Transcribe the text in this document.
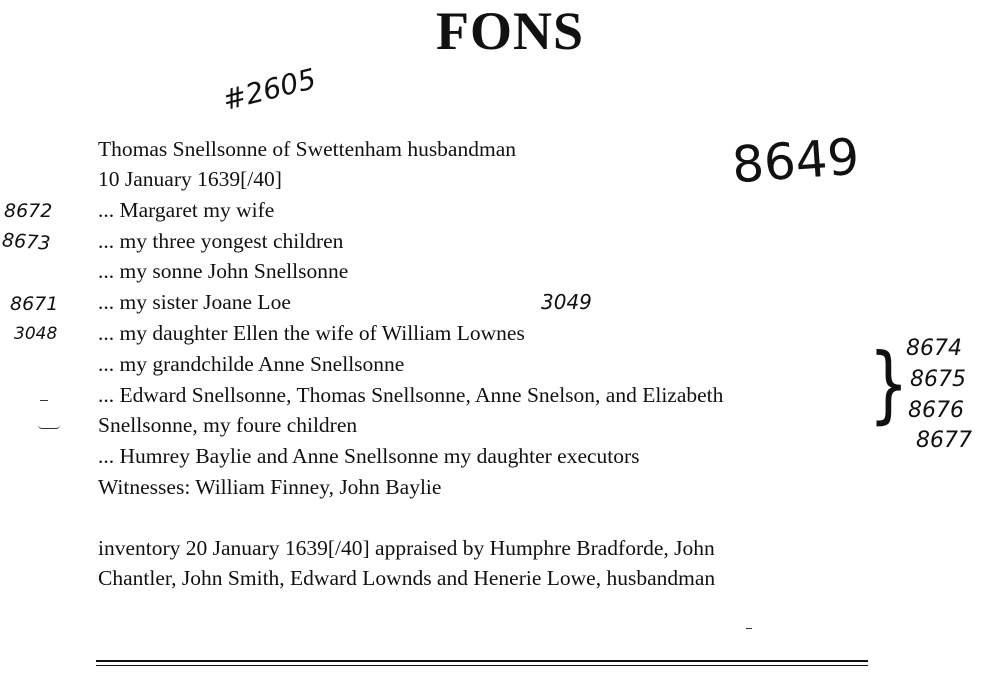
FONS
#2605
8649
Thomas Snellsonne of Swettenham husbandman
10 January 1639[/40]
... Margaret my wife
... my three yongest children
... my sonne John Snellsonne
... my sister Joane Loe
... my daughter Ellen the wife of William Lownes
... my grandchilde Anne Snellsonne
... Edward Snellsonne, Thomas Snellsonne, Anne Snelson, and Elizabeth
Snellsonne, my foure children
... Humrey Baylie and Anne Snellsonne my daughter executors
Witnesses: William Finney, John Baylie
inventory 20 January 1639[/40] appraised by Humphre Bradforde, John
Chantler, John Smith, Edward Lownds and Henerie Lowe, husbandman
8672
8673
8671
3048
3049
}
8674
8675
8676
8677
